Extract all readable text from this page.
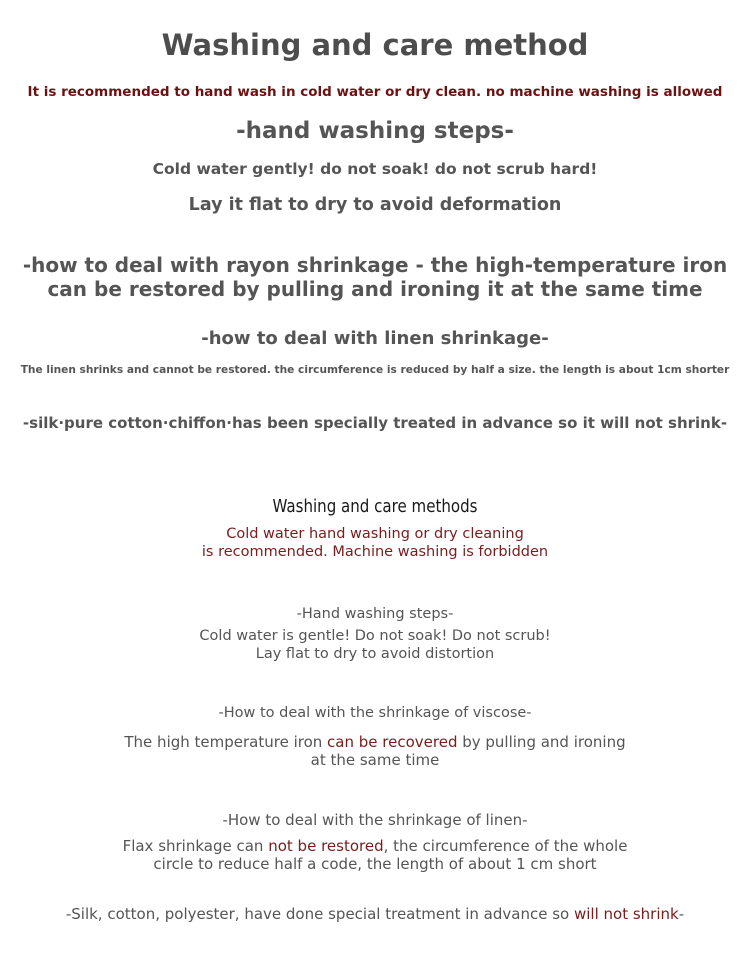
Washing and care method
It is recommended to hand wash in cold water or dry clean. no machine washing is allowed
-hand washing steps-
Cold water gently! do not soak! do not scrub hard!
Lay it flat to dry to avoid deformation
-how to deal with rayon shrinkage - the high-temperature iron
can be restored by pulling and ironing it at the same time
-how to deal with linen shrinkage-
The linen shrinks and cannot be restored. the circumference is reduced by half a size. the length is about 1cm shorter
-silk·pure cotton·chiffon·has been specially treated in advance so it will not shrink-
Washing and care methods
Cold water hand washing or dry cleaning
is recommended. Machine washing is forbidden
-Hand washing steps-
Cold water is gentle! Do not soak! Do not scrub!
Lay flat to dry to avoid distortion
-How to deal with the shrinkage of viscose-
The high temperature iron can be recovered by pulling and ironing
at the same time
-How to deal with the shrinkage of linen-
Flax shrinkage can not be restored, the circumference of the whole
circle to reduce half a code, the length of about 1 cm short
-Silk, cotton, polyester, have done special treatment in advance so will not shrink-
